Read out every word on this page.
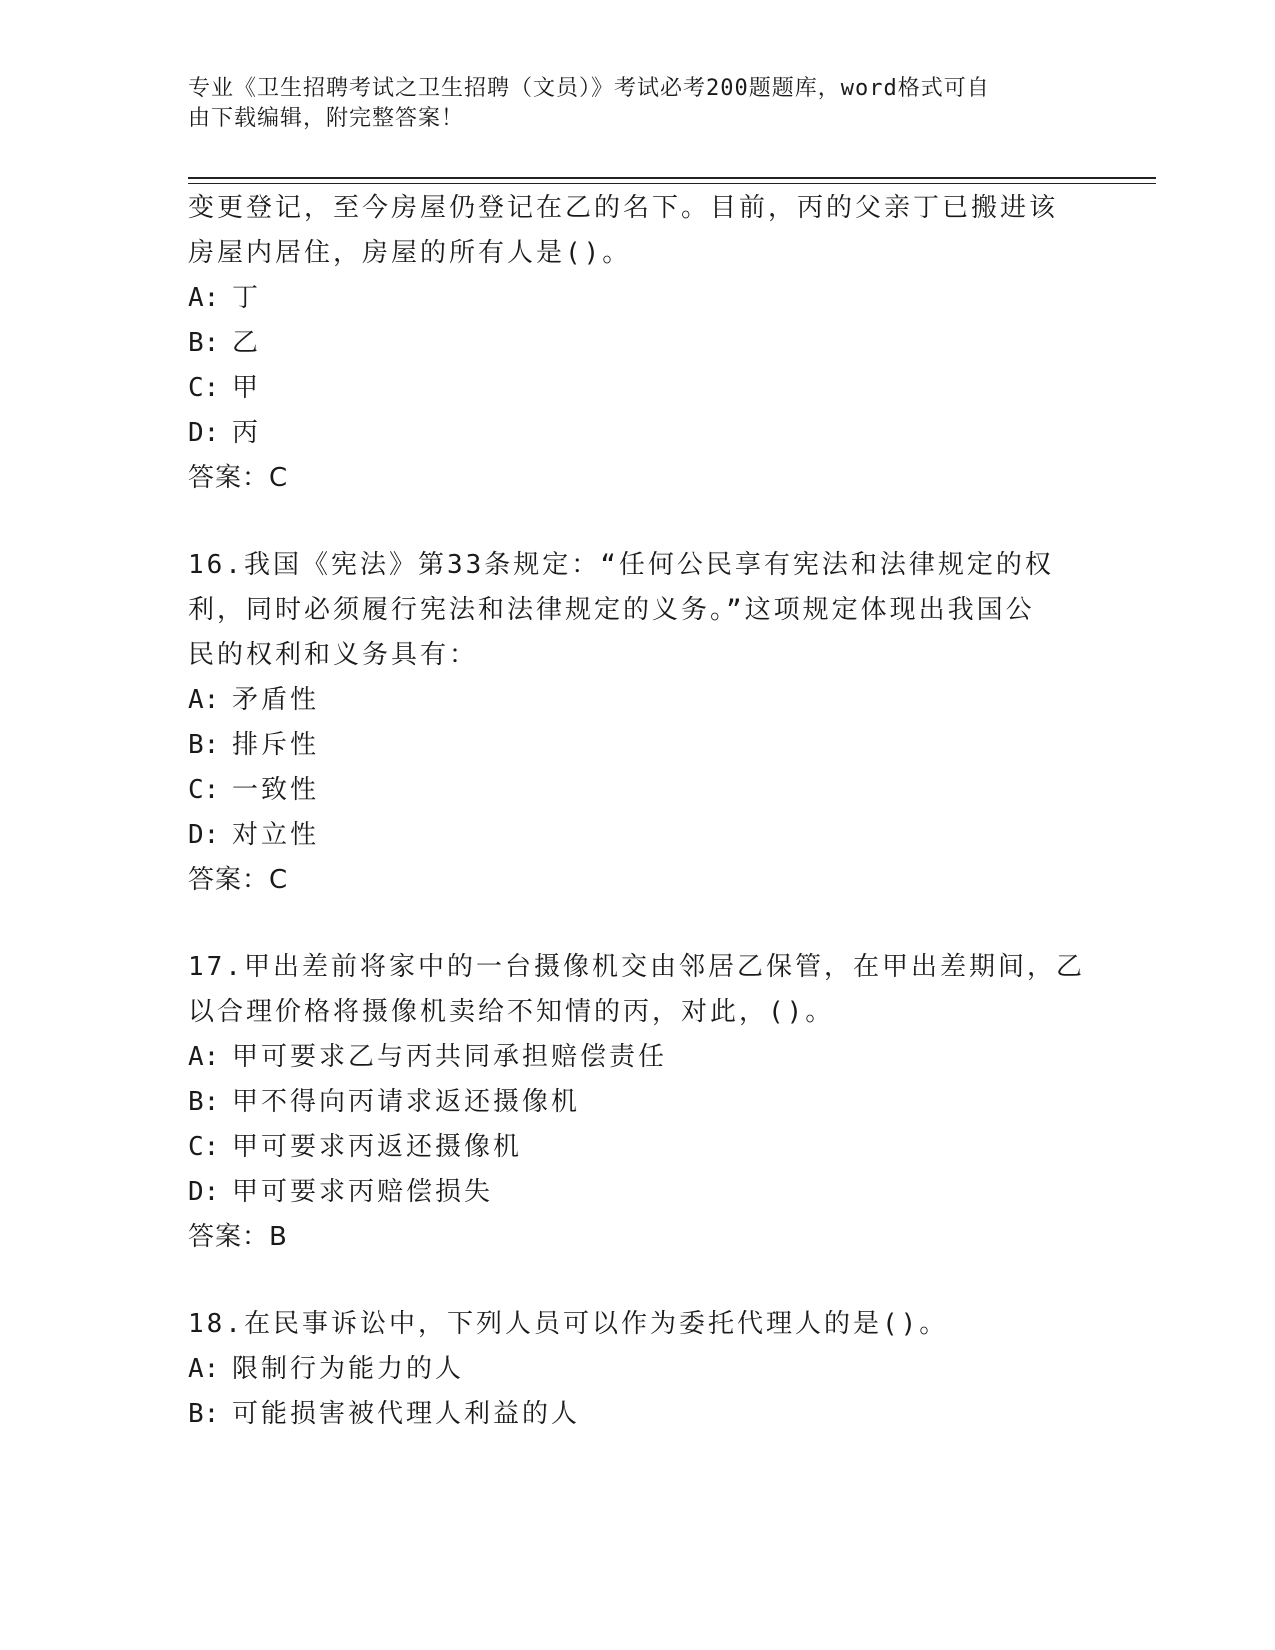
专业《卫生招聘考试之卫生招聘（文员）》考试必考200题题库，word格式可自
由下载编辑，附完整答案！
变更登记，至今房屋仍登记在乙的名下。目前，丙的父亲丁已搬进该
房屋内居住，房屋的所有人是()。
A: 丁
B: 乙
C: 甲
D: 丙
答案：C
16.我国《宪法》第33条规定：“任何公民享有宪法和法律规定的权
利，同时必须履行宪法和法律规定的义务。”这项规定体现出我国公
民的权利和义务具有：
A: 矛盾性
B: 排斥性
C: 一致性
D: 对立性
答案：C
17.甲出差前将家中的一台摄像机交由邻居乙保管，在甲出差期间，乙
以合理价格将摄像机卖给不知情的丙，对此，()。
A: 甲可要求乙与丙共同承担赔偿责任
B: 甲不得向丙请求返还摄像机
C: 甲可要求丙返还摄像机
D: 甲可要求丙赔偿损失
答案：B
18.在民事诉讼中，下列人员可以作为委托代理人的是()。
A: 限制行为能力的人
B: 可能损害被代理人利益的人
